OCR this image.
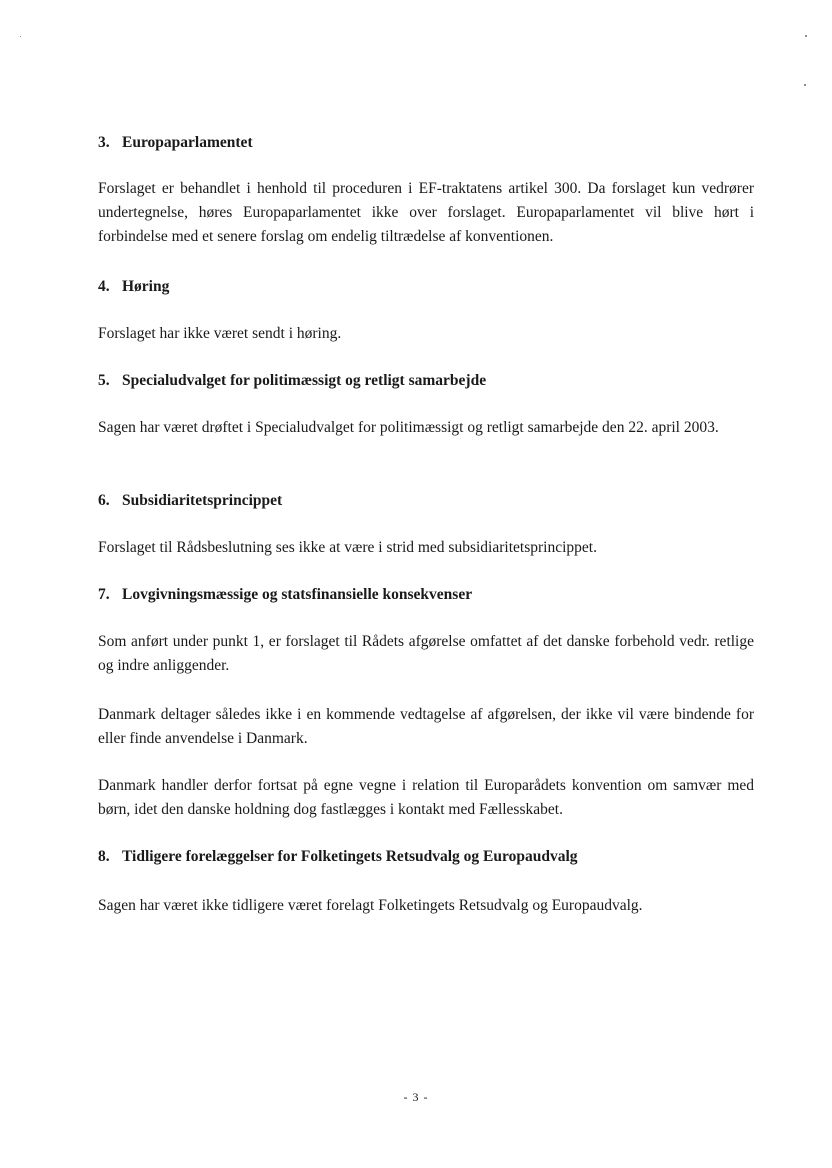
3. Europaparlamentet

Forslaget er behandlet i henhold til proceduren i EF-traktatens artikel 300. Da forslaget kun vedrører undertegnelse, høres Europaparlamentet ikke over forslaget. Europaparlamentet vil blive hørt i forbindelse med et senere forslag om endelig tiltrædelse af konventionen.

4. Høring

Forslaget har ikke været sendt i høring.

5. Specialudvalget for politimæssigt og retligt samarbejde

Sagen har været drøftet i Specialudvalget for politimæssigt og retligt samarbejde den 22. april 2003.

6. Subsidiaritetsprincippet

Forslaget til Rådsbeslutning ses ikke at være i strid med subsidiaritetsprincippet.

7. Lovgivningsmæssige og statsfinansielle konsekvenser

Som anført under punkt 1, er forslaget til Rådets afgørelse omfattet af det danske forbehold vedr. retlige og indre anliggender.

Danmark deltager således ikke i en kommende vedtagelse af afgørelsen, der ikke vil være bindende for eller finde anvendelse i Danmark.

Danmark handler derfor fortsat på egne vegne i relation til Europarådets konvention om samvær med børn, idet den danske holdning dog fastlægges i kontakt med Fællesskabet.

8. Tidligere forelæggelser for Folketingets Retsudvalg og Europaudvalg

Sagen har været ikke tidligere været forelagt Folketingets Retsudvalg og Europaudvalg.

- 3 -
